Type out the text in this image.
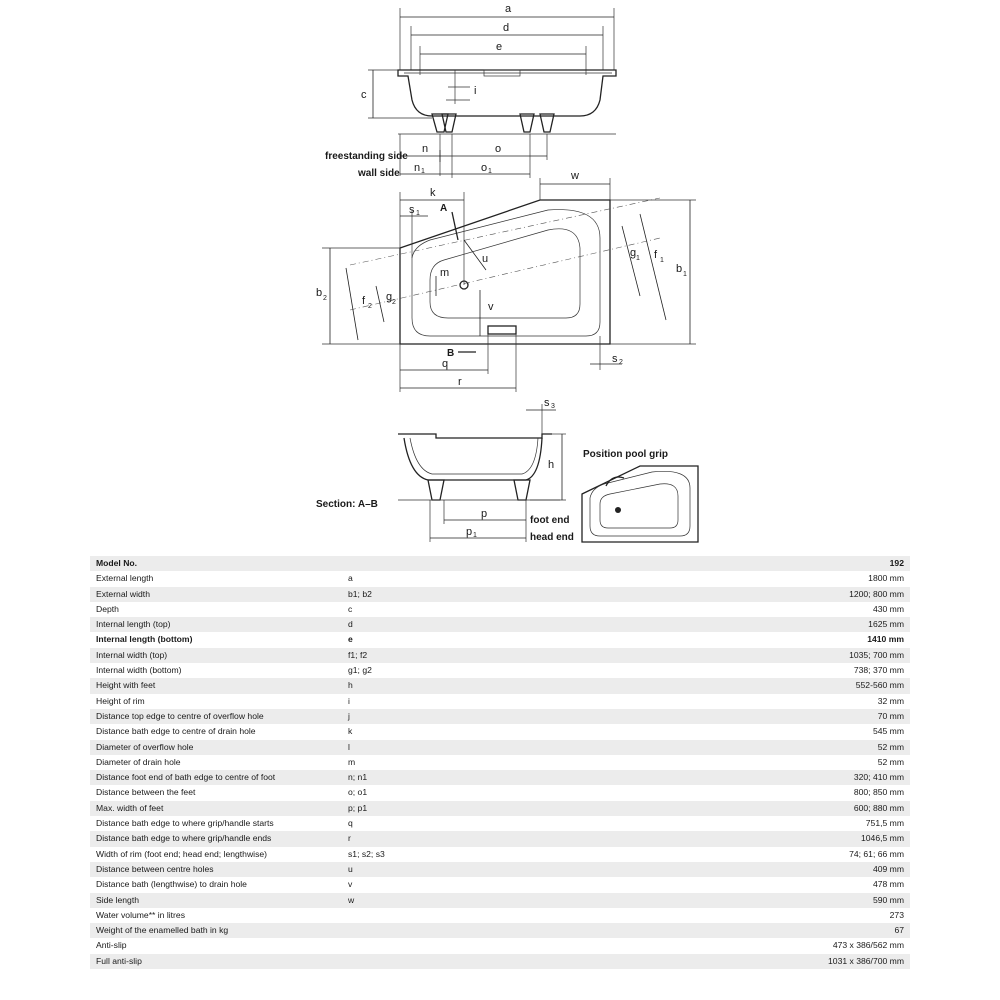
a
d
e
i
c
n	o
freestanding side
n 1	o 1
wall side
k
s 1 A
w
b 1
f 1
g 1
b 2	f 2
g 2
m
u
v
B	s 2
q
r
s 3
h
p
p 1
foot end
head end
Section: A–B
Position pool grip
Model No.		192
External length	a	1800 mm
External width	b1; b2	1200; 800 mm
Depth	c	430 mm
Internal length (top)	d	1625 mm
Internal length (bottom)	e	1410 mm
Internal width (top)	f1; f2	1035; 700 mm
Internal width (bottom)	g1; g2	738; 370 mm
Height with feet	h	552-560 mm
Height of rim	i	32 mm
Distance top edge to centre of overflow hole	j	70 mm
Distance bath edge to centre of drain hole	k	545 mm
Diameter of overflow hole	l	52 mm
Diameter of drain hole	m	52 mm
Distance foot end of bath edge to centre of foot	n; n1	320; 410 mm
Distance between the feet	o; o1	800; 850 mm
Max. width of feet	p; p1	600; 880 mm
Distance bath edge to where grip/handle starts	q	751,5 mm
Distance bath edge to where grip/handle ends	r	1046,5 mm
Width of rim (foot end; head end; lengthwise)	s1; s2; s3	74; 61; 66 mm
Distance between centre holes	u	409 mm
Distance bath (lengthwise) to drain hole	v	478 mm
Side length	w	590 mm
Water volume** in litres		273
Weight of the enamelled bath in kg		67
Anti-slip		473 x 386/562 mm
Full anti-slip		1031 x 386/700 mm
